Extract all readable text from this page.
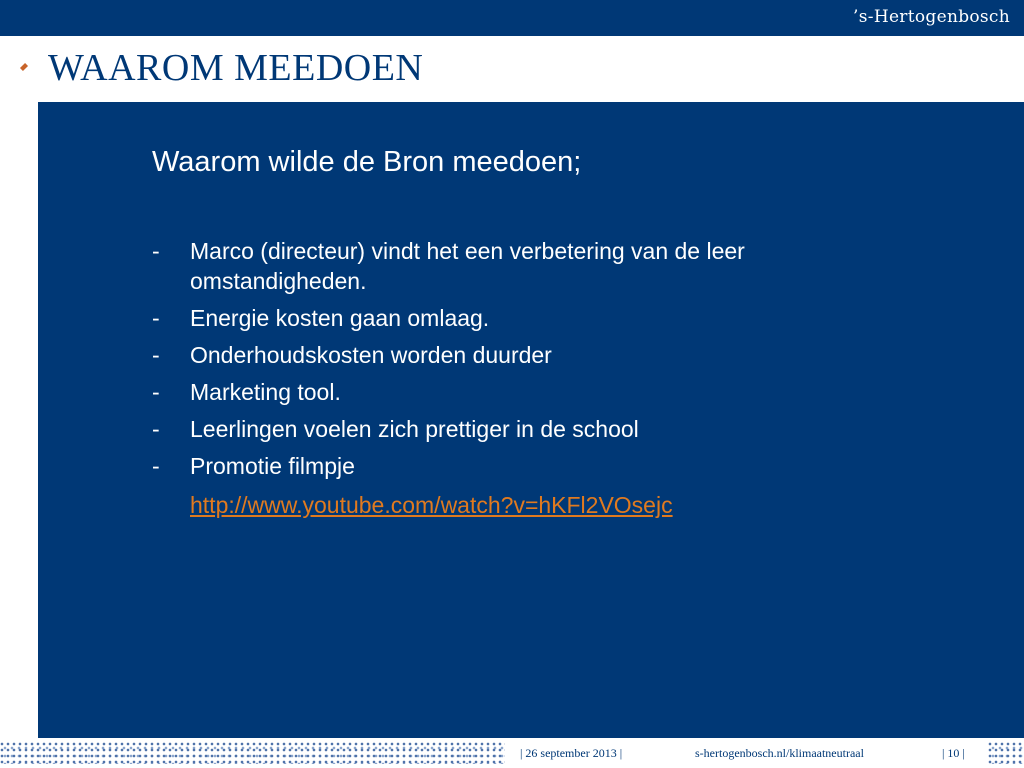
’s-Hertogenbosch
WAAROM MEEDOEN
Waarom wilde de Bron meedoen;
- Marco (directeur) vindt het een verbetering van de leer omstandigheden.
- Energie kosten gaan omlaag.
- Onderhoudskosten worden duurder
- Marketing tool.
- Leerlingen voelen zich prettiger in de school
- Promotie filmpje
http://www.youtube.com/watch?v=hKFl2VOsejc
| 26 september 2013 |	s-hertogenbosch.nl/klimaatneutraal	| 10 |
